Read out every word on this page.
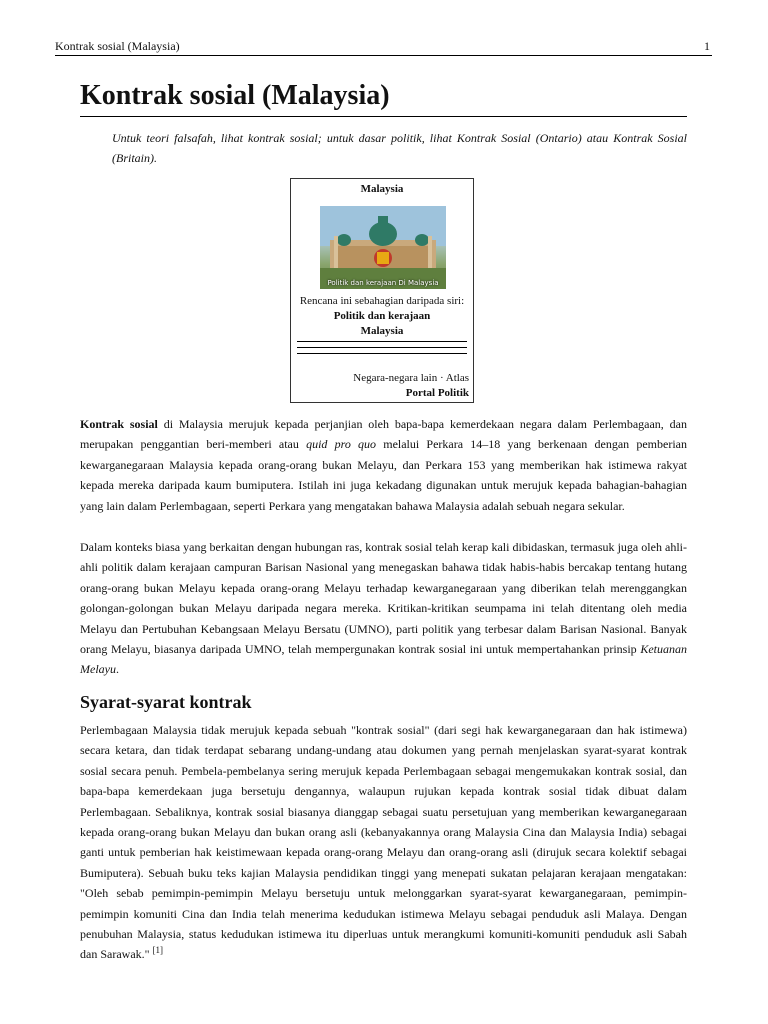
Kontrak sosial (Malaysia)	1
Kontrak sosial (Malaysia)

Untuk teori falsafah, lihat kontrak sosial; untuk dasar politik, lihat Kontrak Sosial (Ontario) atau Kontrak Sosial (Britain).

Malaysia
Politik dan kerajaan Di Malaysia
Rencana ini sebahagian daripada siri:
Politik dan kerajaan
Malaysia
Negara-negara lain · Atlas
Portal Politik

Kontrak sosial di Malaysia merujuk kepada perjanjian oleh bapa-bapa kemerdekaan negara dalam Perlembagaan, dan merupakan penggantian beri-memberi atau quid pro quo melalui Perkara 14–18 yang berkenaan dengan pemberian kewarganegaraan Malaysia kepada orang-orang bukan Melayu, dan Perkara 153 yang memberikan hak istimewa rakyat kepada mereka daripada kaum bumiputera. Istilah ini juga kekadang digunakan untuk merujuk kepada bahagian-bahagian yang lain dalam Perlembagaan, seperti Perkara yang mengatakan bahawa Malaysia adalah sebuah negara sekular.

Dalam konteks biasa yang berkaitan dengan hubungan ras, kontrak sosial telah kerap kali dibidaskan, termasuk juga oleh ahli-ahli politik dalam kerajaan campuran Barisan Nasional yang menegaskan bahawa tidak habis-habis bercakap tentang hutang orang-orang bukan Melayu kepada orang-orang Melayu terhadap kewarganegaraan yang diberikan telah merenggangkan golongan-golongan bukan Melayu daripada negara mereka. Kritikan-kritikan seumpama ini telah ditentang oleh media Melayu dan Pertubuhan Kebangsaan Melayu Bersatu (UMNO), parti politik yang terbesar dalam Barisan Nasional. Banyak orang Melayu, biasanya daripada UMNO, telah mempergunakan kontrak sosial ini untuk mempertahankan prinsip Ketuanan Melayu.

Syarat-syarat kontrak

Perlembagaan Malaysia tidak merujuk kepada sebuah "kontrak sosial" (dari segi hak kewarganegaraan dan hak istimewa) secara ketara, dan tidak terdapat sebarang undang-undang atau dokumen yang pernah menjelaskan syarat-syarat kontrak sosial secara penuh. Pembela-pembelanya sering merujuk kepada Perlembagaan sebagai mengemukakan kontrak sosial, dan bapa-bapa kemerdekaan juga bersetuju dengannya, walaupun rujukan kepada kontrak sosial tidak dibuat dalam Perlembagaan. Sebaliknya, kontrak sosial biasanya dianggap sebagai suatu persetujuan yang memberikan kewarganegaraan kepada orang-orang bukan Melayu dan bukan orang asli (kebanyakannya orang Malaysia Cina dan Malaysia India) sebagai ganti untuk pemberian hak keistimewaan kepada orang-orang Melayu dan orang-orang asli (dirujuk secara kolektif sebagai Bumiputera). Sebuah buku teks kajian Malaysia pendidikan tinggi yang menepati sukatan pelajaran kerajaan mengatakan: "Oleh sebab pemimpin-pemimpin Melayu bersetuju untuk melonggarkan syarat-syarat kewarganegaraan, pemimpin-pemimpin komuniti Cina dan India telah menerima kedudukan istimewa Melayu sebagai penduduk asli Malaya. Dengan penubuhan Malaysia, status kedudukan istimewa itu diperluas untuk merangkumi komuniti-komuniti penduduk asli Sabah dan Sarawak." [1]
